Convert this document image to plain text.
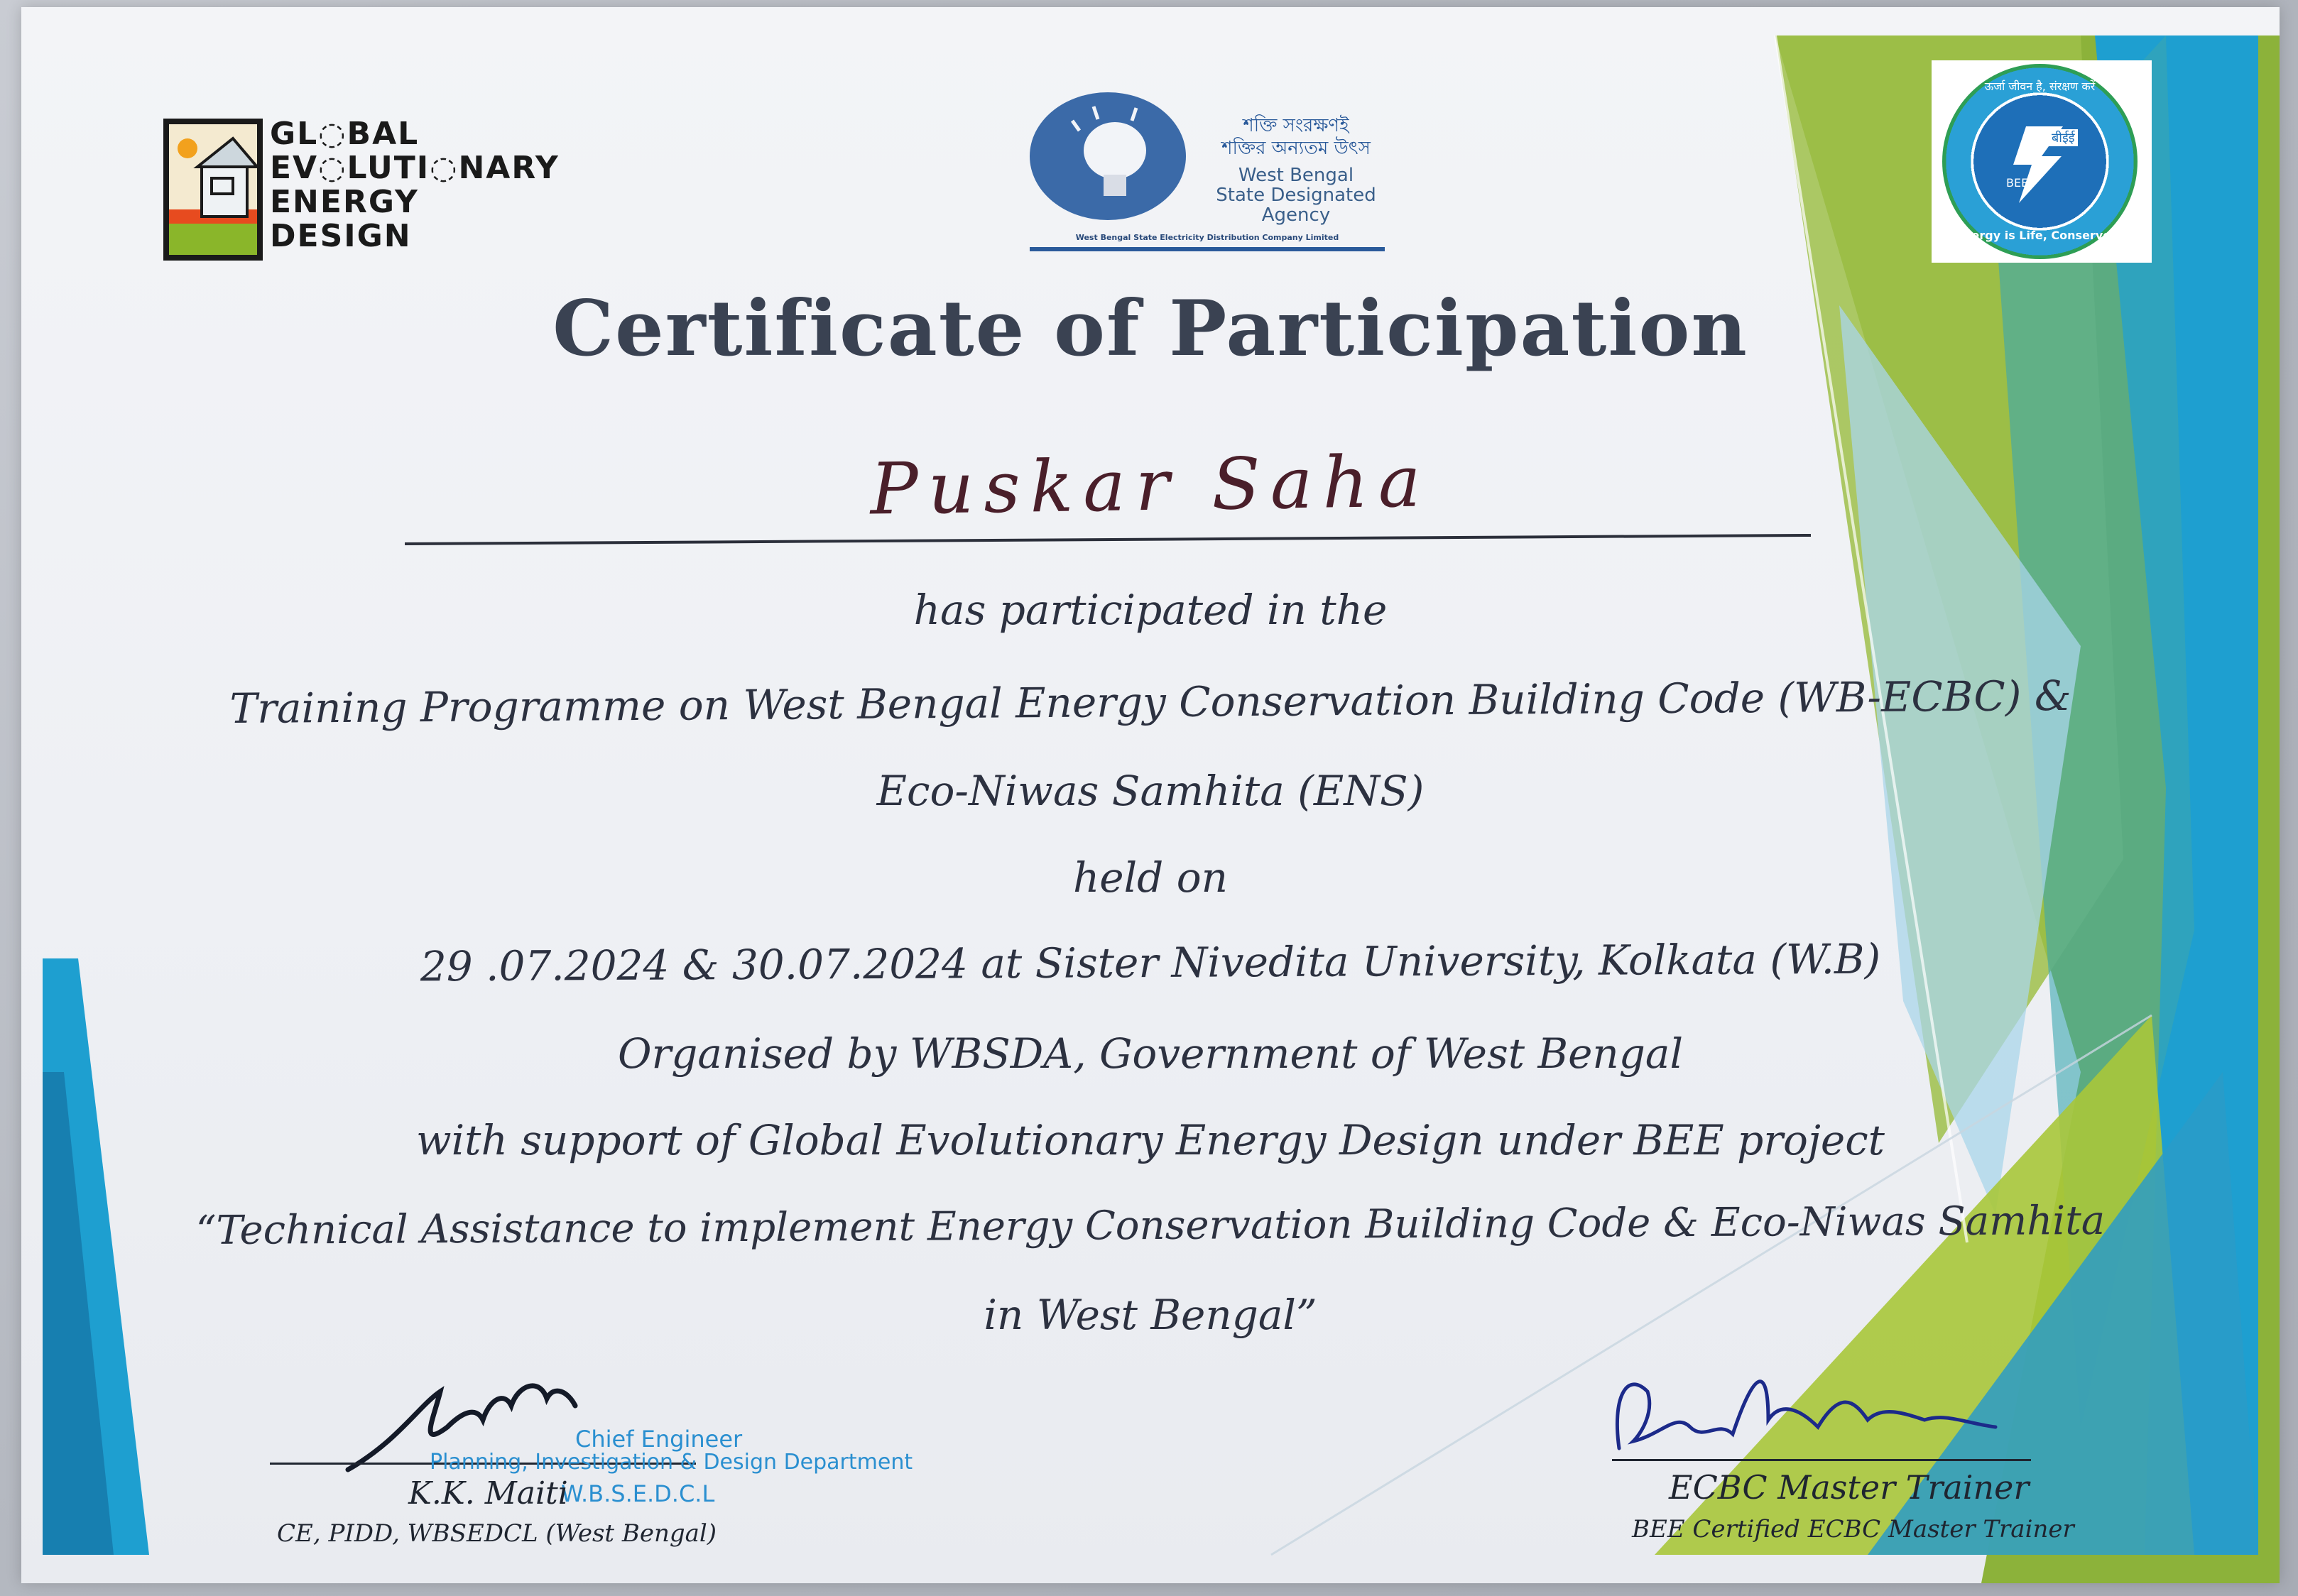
GL◌BAL
EV◌LUTI◌NARY
ENERGY
DESIGN
শক্তি সংরক্ষণই
শক্তির অন্যতম উৎস
West Bengal
State Designated
Agency
West Bengal State Electricity Distribution Company Limited
ऊर्जा जीवन है, संरक्षण करें
बीईई
BEE
Energy is Life, Conserve it
Certificate of Participation
Puskar Saha
has participated in the
Training Programme on West Bengal Energy Conservation Building Code (WB-ECBC) &
Eco-Niwas Samhita (ENS)
held on
29 .07.2024 & 30.07.2024 at Sister Nivedita University, Kolkata (W.B)
Organised by WBSDA, Government of West Bengal
with support of Global Evolutionary Energy Design under BEE project
“Technical Assistance to implement Energy Conservation Building Code & Eco-Niwas Samhita
in West Bengal”
Chief Engineer
Planning, Investigation & Design Department
W.B.S.E.D.C.L
K.K. Maiti
CE, PIDD, WBSEDCL (West Bengal)
ECBC Master Trainer
BEE Certified ECBC Master Trainer
